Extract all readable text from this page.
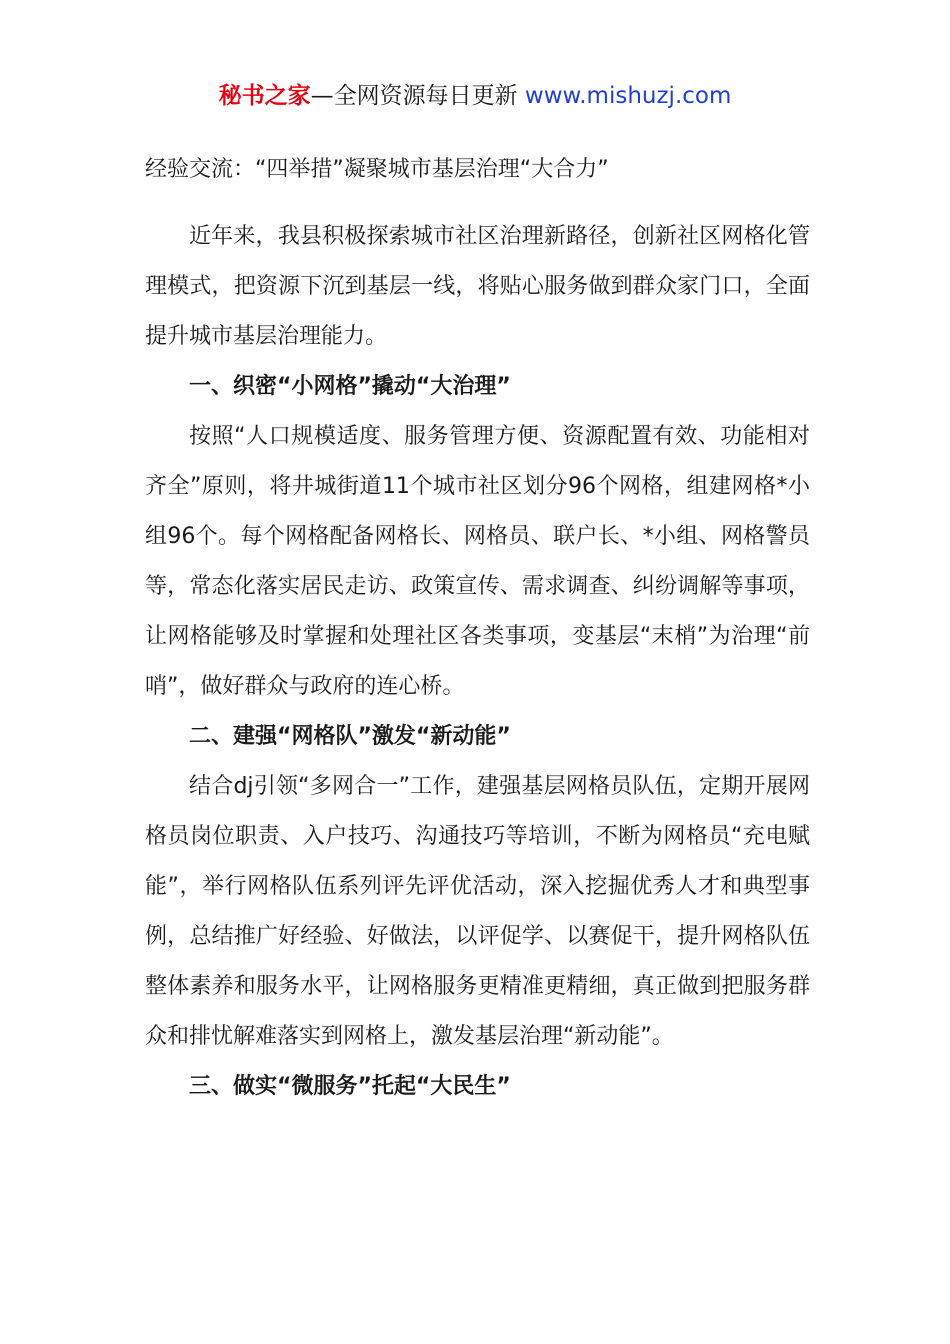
秘书之家—全网资源每日更新 www.mishuzj.com
经验交流：“四举措”凝聚城市基层治理“大合力”

近年来，我县积极探索城市社区治理新路径，创新社区网格化管理模式，把资源下沉到基层一线，将贴心服务做到群众家门口，全面提升城市基层治理能力。

一、织密“小网格”撬动“大治理”

按照“人口规模适度、服务管理方便、资源配置有效、功能相对齐全”原则，将井城街道11个城市社区划分96个网格，组建网格*小组96个。每个网格配备网格长、网格员、联户长、*小组、网格警员等，常态化落实居民走访、政策宣传、需求调查、纠纷调解等事项，让网格能够及时掌握和处理社区各类事项，变基层“末梢”为治理“前哨”，做好群众与政府的连心桥。

二、建强“网格队”激发“新动能”

结合dj引领“多网合一”工作，建强基层网格员队伍，定期开展网格员岗位职责、入户技巧、沟通技巧等培训，不断为网格员“充电赋能”，举行网格队伍系列评先评优活动，深入挖掘优秀人才和典型事例，总结推广好经验、好做法，以评促学、以赛促干，提升网格队伍整体素养和服务水平，让网格服务更精准更精细，真正做到把服务群众和排忧解难落实到网格上，激发基层治理“新动能”。

三、做实“微服务”托起“大民生”
